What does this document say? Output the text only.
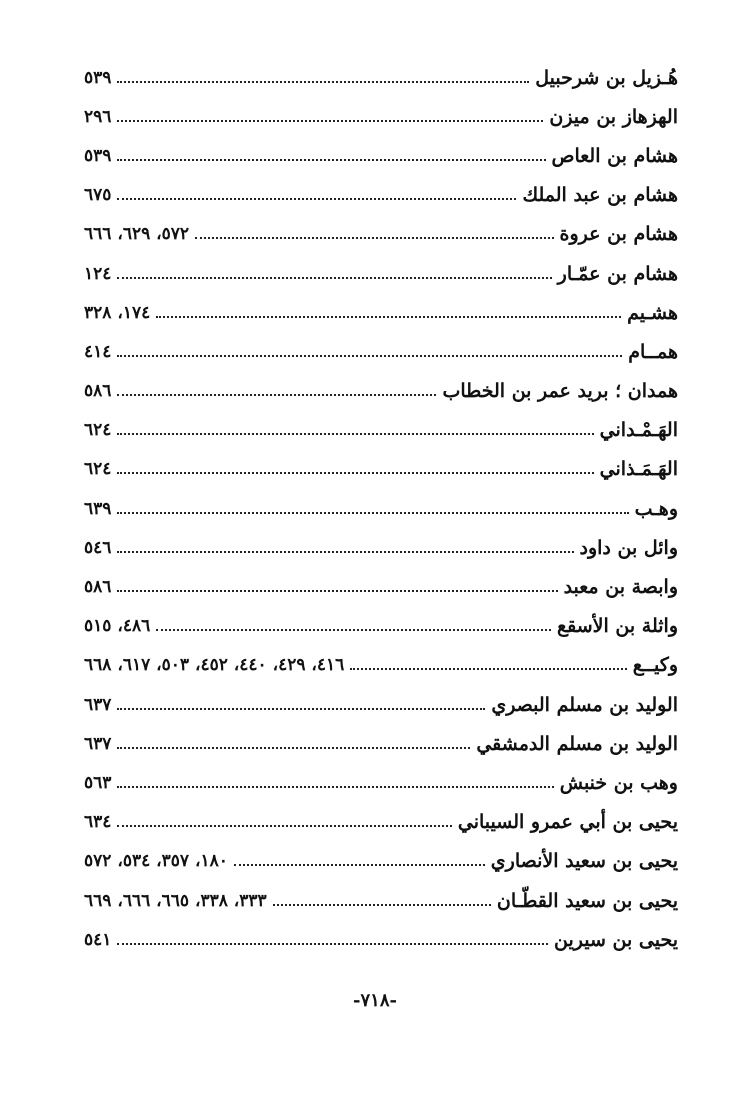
هُـزيل بن شرحبيل
٥٣٩
الهزهاز بن ميزن
٢٩٦
هشام بن العاص
٥٣٩
هشام بن عبد الملك
٦٧٥
هشام بن عروة
٥٧٢، ٦٢٩، ٦٦٦
هشام بن عمّـار
١٢٤
هشـيم
١٧٤، ٣٢٨
همــام
٤١٤
همدان ؛ بريد عمر بن الخطاب
٥٨٦
الهَـمْـداني
٦٢٤
الهَـمَـذاني
٦٢٤
وهـب
٦٣٩
وائل بن داود
٥٤٦
وابصة بن معبد
٥٨٦
واثلة بن الأسقع
٤٨٦، ٥١٥
وكيــع
٤١٦، ٤٢٩، ٤٤٠، ٤٥٢، ٥٠٣، ٦١٧، ٦٦٨
الوليد بن مسلم البصري
٦٣٧
الوليد بن مسلم الدمشقي
٦٣٧
وهب بن خنبش
٥٦٣
يحيى بن أبي عمرو السيباني
٦٣٤
يحيى بن سعيد الأنصاري
١٨٠، ٣٥٧، ٥٣٤، ٥٧٢
يحيى بن سعيد القطّـان
٣٣٣، ٣٣٨، ٦٦٥، ٦٦٦، ٦٦٩
يحيى بن سيرين
٥٤١
-٧١٨-
